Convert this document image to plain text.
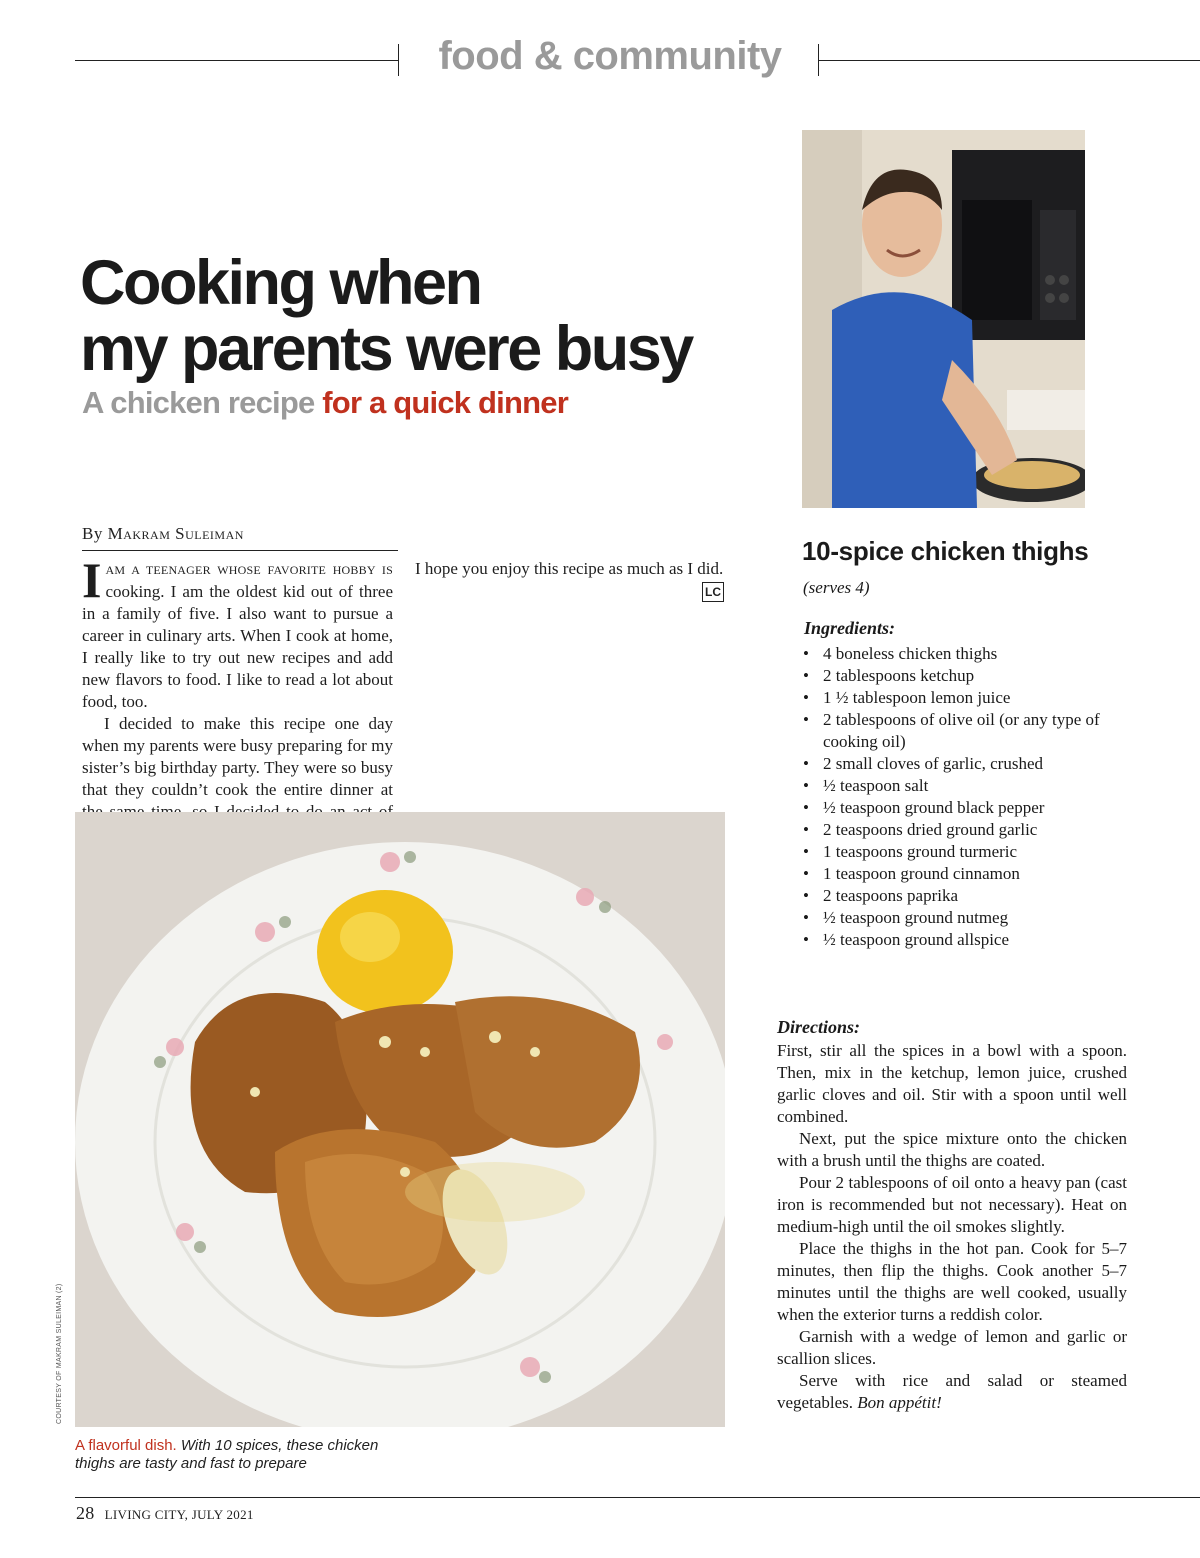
food & community
Cooking when
my parents were busy
A chicken recipe for a quick dinner
By Makram Suleiman

IAM A TEENAGER WHOSE FAVORITE HOBBY IS cooking. I am the oldest kid out of three in a family of five. I also want to pursue a career in culinary arts. When I cook at home, I really like to try out new recipes and add new flavors to food. I like to read a lot about food, too.

I decided to make this recipe one day when my parents were busy preparing for my sister’s big birthday party. They were so busy that they couldn’t cook the entire dinner at

I hope you enjoy this recipe as much as I did.
LC

COURTESY OF MAKRAM SULEIMAN (2)
A flavorful dish. With 10 spices, these chicken thighs are tasty and fast to prepare
10-spice chicken thighs
(serves 4)
Ingredients:
• 4 boneless chicken thighs
• 2 tablespoons ketchup
• 1 ½ tablespoon lemon juice
• 2 tablespoons of olive oil (or any type of cooking oil)
• 2 small cloves of garlic, crushed
• ½ teaspoon salt
• ½ teaspoon ground black pepper
• 2 teaspoons dried ground garlic
• 1 teaspoons ground turmeric
• 1 teaspoon ground cinnamon
• 2 teaspoons paprika
• ½ teaspoon ground nutmeg
• ½ teaspoon ground allspice
Directions:

First, stir all the spices in a bowl with a spoon. Then, mix in the ketchup, lemon juice, crushed garlic cloves and oil. Stir with a spoon until well combined.

Next, put the spice mixture onto the chicken with a brush until the thighs are coated.

Pour 2 tablespoons of oil onto a heavy pan (cast iron is recommended but not necessary). Heat on medium-high until the oil smokes slightly.

Place the thighs in the hot pan. Cook for 5–7 minutes, then flip the thighs. Cook another 5–7 minutes until the thighs are well cooked, usually when the exterior turns a reddish color.

Garnish with a wedge of lemon and garlic or scallion slices.

Serve with rice and salad or steamed vegetables. Bon appétit!

28 LIVING CITY, JULY 2021
